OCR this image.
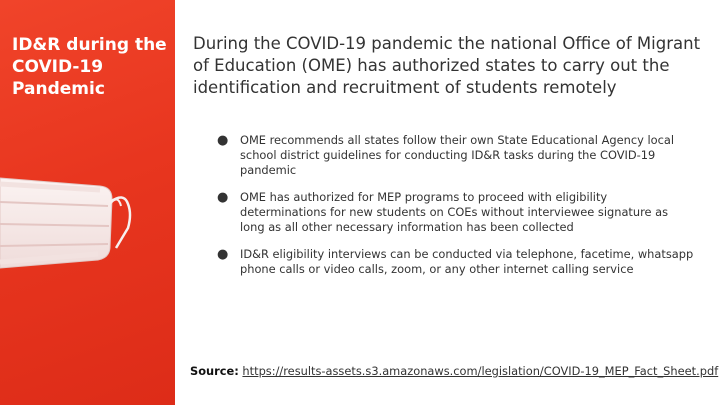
ID&R during the
COVID-19
Pandemic

During the COVID-19 pandemic the national Office of Migrant of Education (OME) has authorized states to carry out the identification and recruitment of students remotely

● OME recommends all states follow their own State Educational Agency local school district guidelines for conducting ID&R tasks during the COVID-19 pandemic
● OME has authorized for MEP programs to proceed with eligibility determinations for new students on COEs without interviewee signature as long as all other necessary information has been collected
● ID&R eligibility interviews can be conducted via telephone, facetime, whatsapp phone calls or video calls, zoom, or any other internet calling service
Source: https://results-assets.s3.amazonaws.com/legislation/COVID-19_MEP_Fact_Sheet.pdf
